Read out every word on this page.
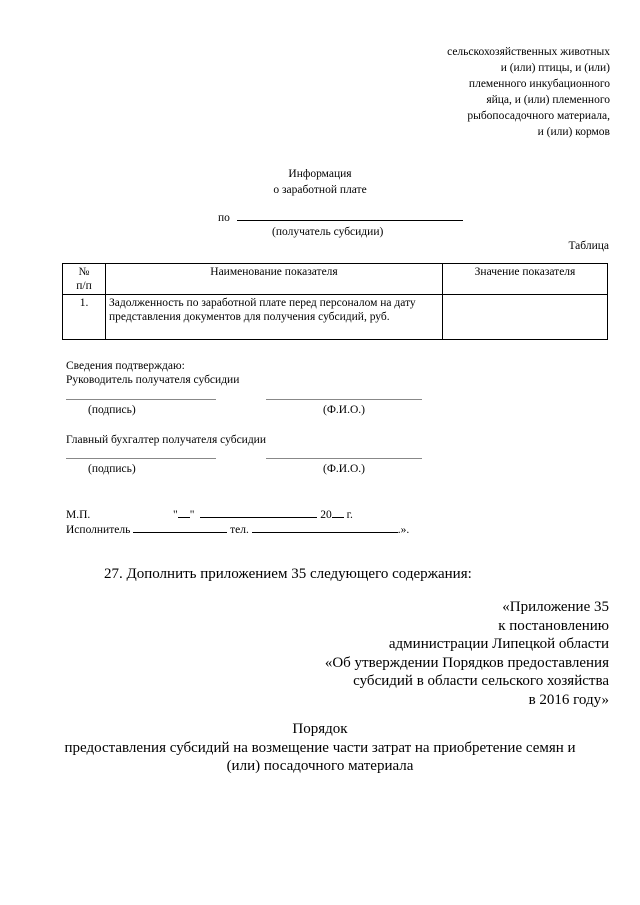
сельскохозяйственных животных
и (или) птицы, и (или)
племенного инкубационного
яйца, и (или) племенного
рыбопосадочного материала,
и (или) кормов
Информация
о заработной плате
по
(получатель субсидии)
Таблица
№
п/п	Наименование показателя	Значение показателя
1.	Задолженность по заработной плате перед персоналом на дату представления документов для получения субсидий, руб.	
Сведения подтверждаю:
Руководитель получателя субсидии
(подпись)	(Ф.И.О.)
Главный бухгалтер получателя субсидии
(подпись)	(Ф.И.О.)
М.П.	" "	20 г.
Исполнитель	тел.	.».
27. Дополнить приложением 35 следующего содержания:
«Приложение 35
к постановлению
администрации Липецкой области
«Об утверждении Порядков предоставления
субсидий в области сельского хозяйства
в 2016 году»
Порядок
предоставления субсидий на возмещение части затрат на приобретение семян и
(или) посадочного материала
